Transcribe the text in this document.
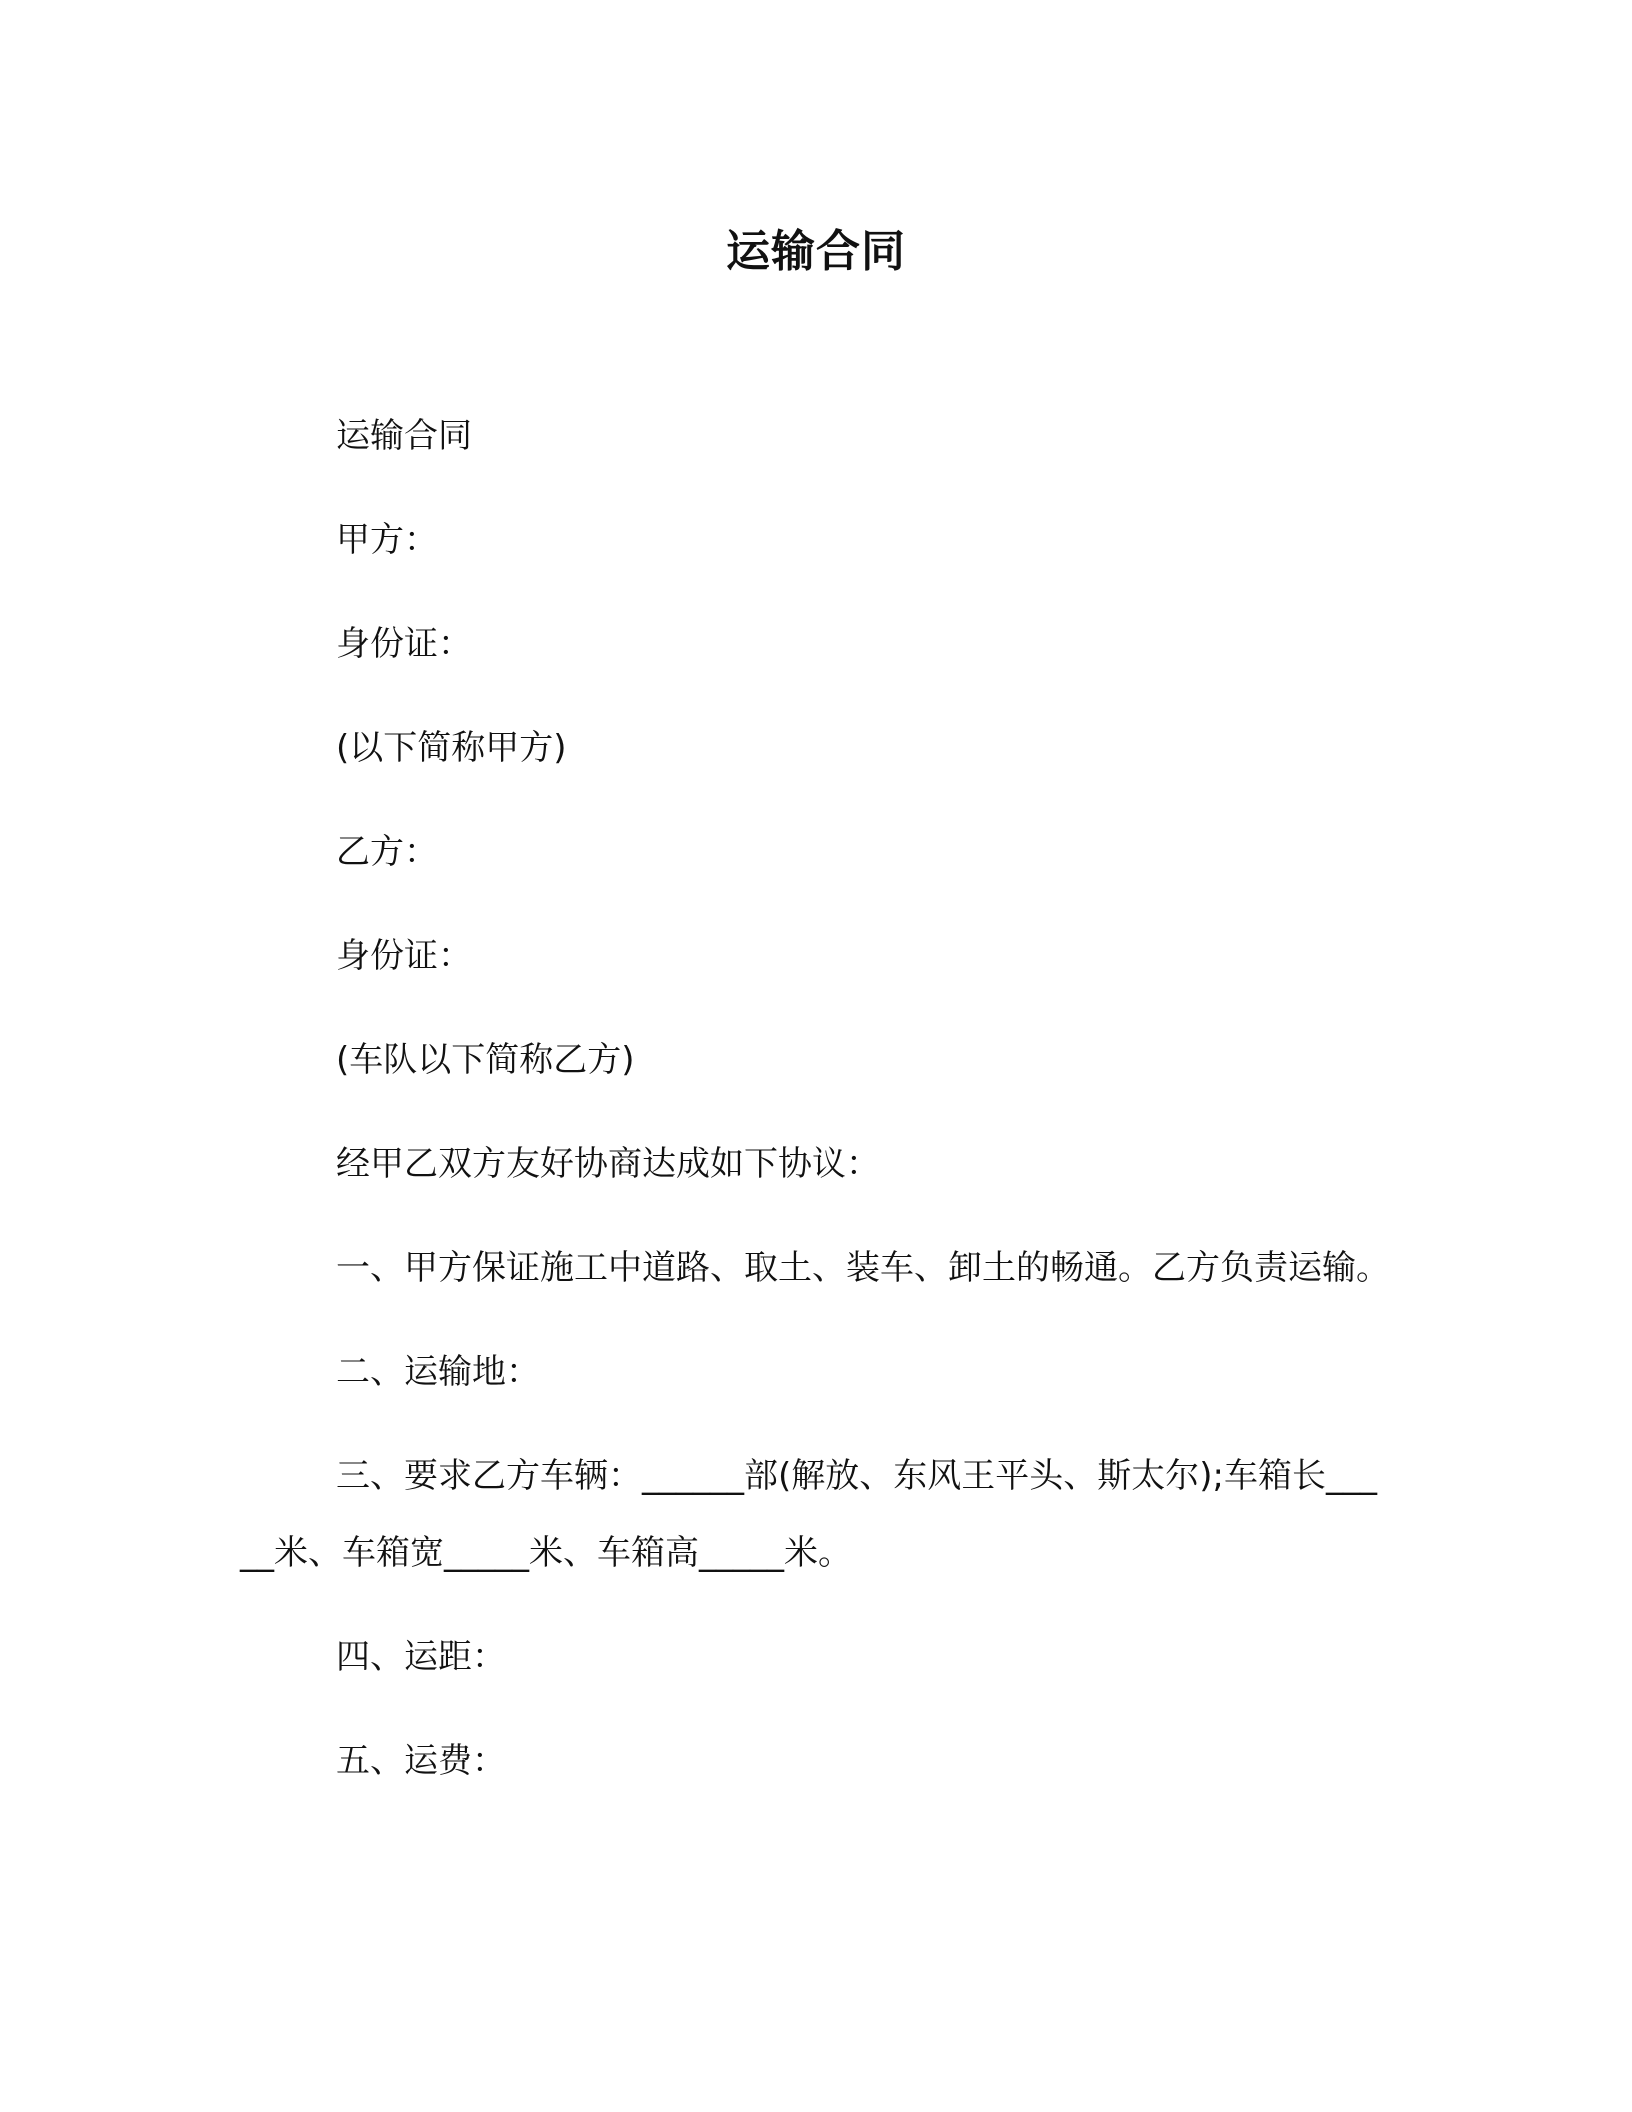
运输合同

运输合同

甲方：

身份证：

(以下简称甲方)

乙方：

身份证：

(车队以下简称乙方)

经甲乙双方友好协商达成如下协议：

一、甲方保证施工中道路、取土、装车、卸土的畅通。乙方负责运输。

二、运输地：

三、要求乙方车辆：______部(解放、东风王平头、斯太尔);车箱长_____米、车箱宽_____米、车箱高_____米。

四、运距：

五、运费：
